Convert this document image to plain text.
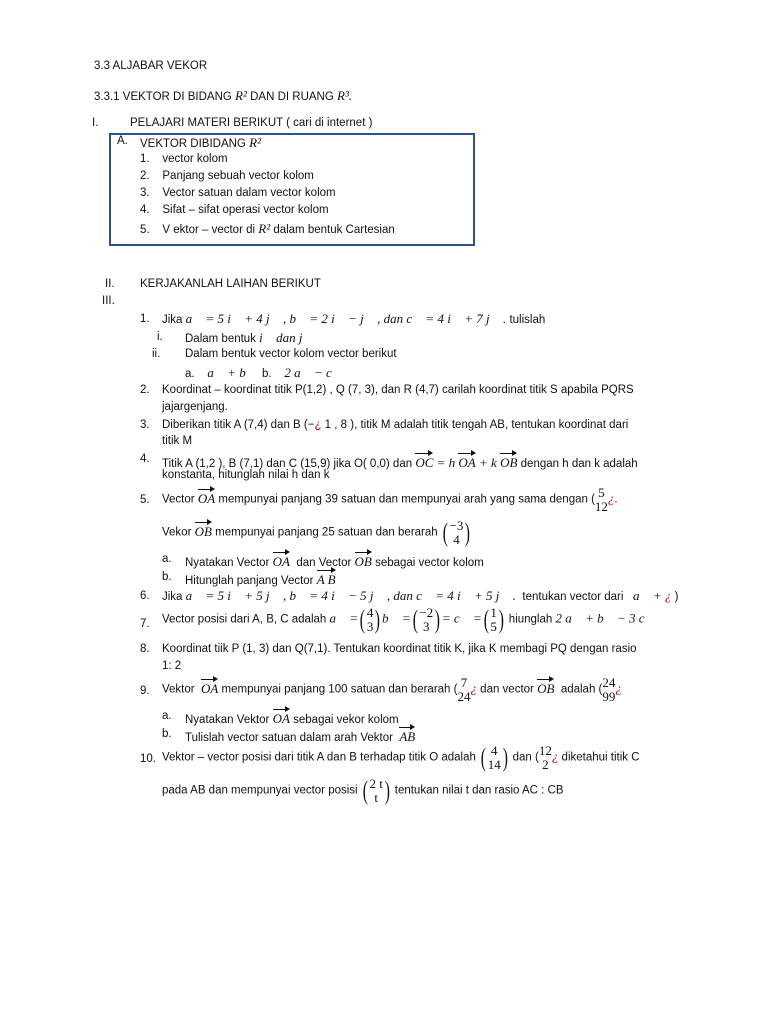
3.3 ALJABAR VEKOR
3.3.1 VEKTOR DI BIDANG R² DAN DI RUANG R³.
I.	PELAJARI MATERI BERIKUT ( cari di internet )
A. VEKTOR DIBIDANG R²
1. vector kolom
2. Panjang sebuah vector kolom
3. Vector satuan dalam vector kolom
4. Sifat – sifat operasi vector kolom
5. V ektor – vector di R² dalam bentuk Cartesian
II. KERJAKANLAH LAIHAN BERIKUT
III.
1. Jika a⃗ = 5 i⃗ + 4 j⃗ , b⃗ = 2 i⃗ − j⃗ , dan c⃗ = 4 i⃗ + 7 j⃗ . tulislah
i. Dalam bentuk i⃗ dan j⃗
ii. Dalam bentuk vector kolom vector berikut
a. a⃗ + b⃗ b. 2 a⃗ − c⃗
2. Koordinat – koordinat titik P(1,2) , Q (7, 3), dan R (4,7) carilah koordinat titik S apabila PQRS
jajargenjang.
3. Diberikan titik A (7,4) dan B (−¿ 1 , 8 ), titik M adalah titik tengah AB, tentukan koordinat dari
titik M
4. Titik A (1,2 ), B (7,1) dan C (15,9) jika O( 0,0) dan OC = h OA + k OB dengan h dan k adalah
konstanta, hitunglah nilai h dan k
5. Vector OA mempunyai panjang 39 satuan dan mempunyai arah yang sama dengan ( 5
12
¿.
Vekor OB mempunyai panjang 25 satuan dan berarah ( −3
4 )
a. Nyatakan Vector OA dan Vector OB sebagai vector kolom
b. Hitunglah panjang Vector A B
6. Jika a⃗ = 5 i⃗ + 5 j⃗ , b⃗ = 4 i⃗ − 5 j⃗ , dan c⃗ = 4 i⃗ + 5 j⃗ . tentukan vector dari a⃗ + ¿ )
7. Vector posisi dari A, B, C adalah a⃗ = ( 4
3 ) b⃗ = ( −2
3 ) = c⃗ = ( 1
5 ) hiunglah 2 a⃗ + b⃗ − 3 c⃗
8. Koordinat tiik P (1, 3) dan Q(7,1). Tentukan koordinat titik K, jika K membagi PQ dengan rasio
1: 2
9. Vektor OA mempunyai panjang 100 satuan dan berarah ( 7
24
¿ dan vector OB adalah ( 24
99
¿
a. Nyatakan Vektor OA sebagai vekor kolom
b. Tulislah vector satuan dalam arah Vektor AB
10. Vektor – vector posisi dari titik A dan B terhadap titik O adalah ( 4
14 ) dan ( 12
2
¿ diketahui titik C
pada AB dan mempunyai vector posisi ( 2 t
t ) tentukan nilai t dan rasio AC : CB
